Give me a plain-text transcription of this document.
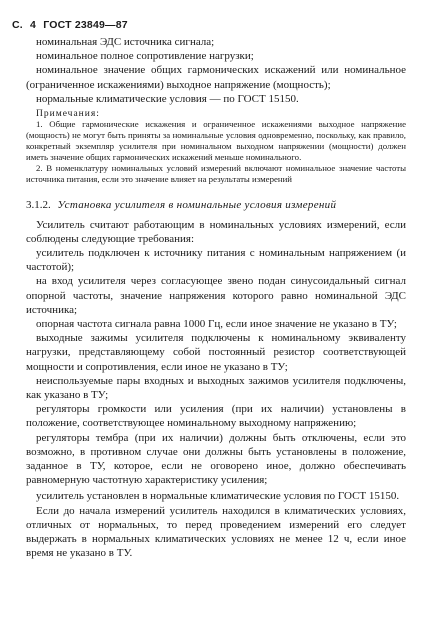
С. 4 ГОСТ 23849—87

номинальная ЭДС источника сигнала;

номинальное полное сопротивление нагрузки;

номинальное значение общих гармонических искажений или номинальное (ограниченное искажениями) выходное напряжение (мощность);

нормальные климатические условия — по ГОСТ 15150.

Примечания:

1. Общие гармонические искажения и ограниченное искажениями выходное напряжение (мощность) не могут быть приняты за номинальные условия одновременно, поскольку, как правило, конкретный экземпляр усилителя при номинальном выходном напряжении (мощности) должен иметь значение общих гармонических искажений меньше номинального.

2. В номенклатуру номинальных условий измерений включают номинальное значение частоты источника питания, если это значение влияет на результаты измерений

3.1.2. Установка усилителя в номинальные условия измерений

Усилитель считают работающим в номинальных условиях измерений, если соблюдены следующие требования:

усилитель подключен к источнику питания с номинальным напряжением (и частотой);

на вход усилителя через согласующее звено подан синусоидальный сигнал опорной частоты, значение напряжения которого равно номинальной ЭДС источника;

опорная частота сигнала равна 1000 Гц, если иное значение не указано в ТУ;

выходные зажимы усилителя подключены к номинальному эквиваленту нагрузки, представляющему собой постоянный резистор соответствующей мощности и сопротивления, если иное не указано в ТУ;

неиспользуемые пары входных и выходных зажимов усилителя подключены, как указано в ТУ;

регуляторы громкости или усиления (при их наличии) установлены в положение, соответствующее номинальному выходному напряжению;

регуляторы тембра (при их наличии) должны быть отключены, если это возможно, в противном случае они должны быть установлены в положение, заданное в ТУ, которое, если не оговорено иное, должно обеспечивать равномерную частотную характеристику усиления;

усилитель установлен в нормальные климатические условия по ГОСТ 15150.

Если до начала измерений усилитель находился в климатических условиях, отличных от нормальных, то перед проведением измерений его следует выдержать в нормальных климатических условиях не менее 12 ч, если иное время не указано в ТУ.
